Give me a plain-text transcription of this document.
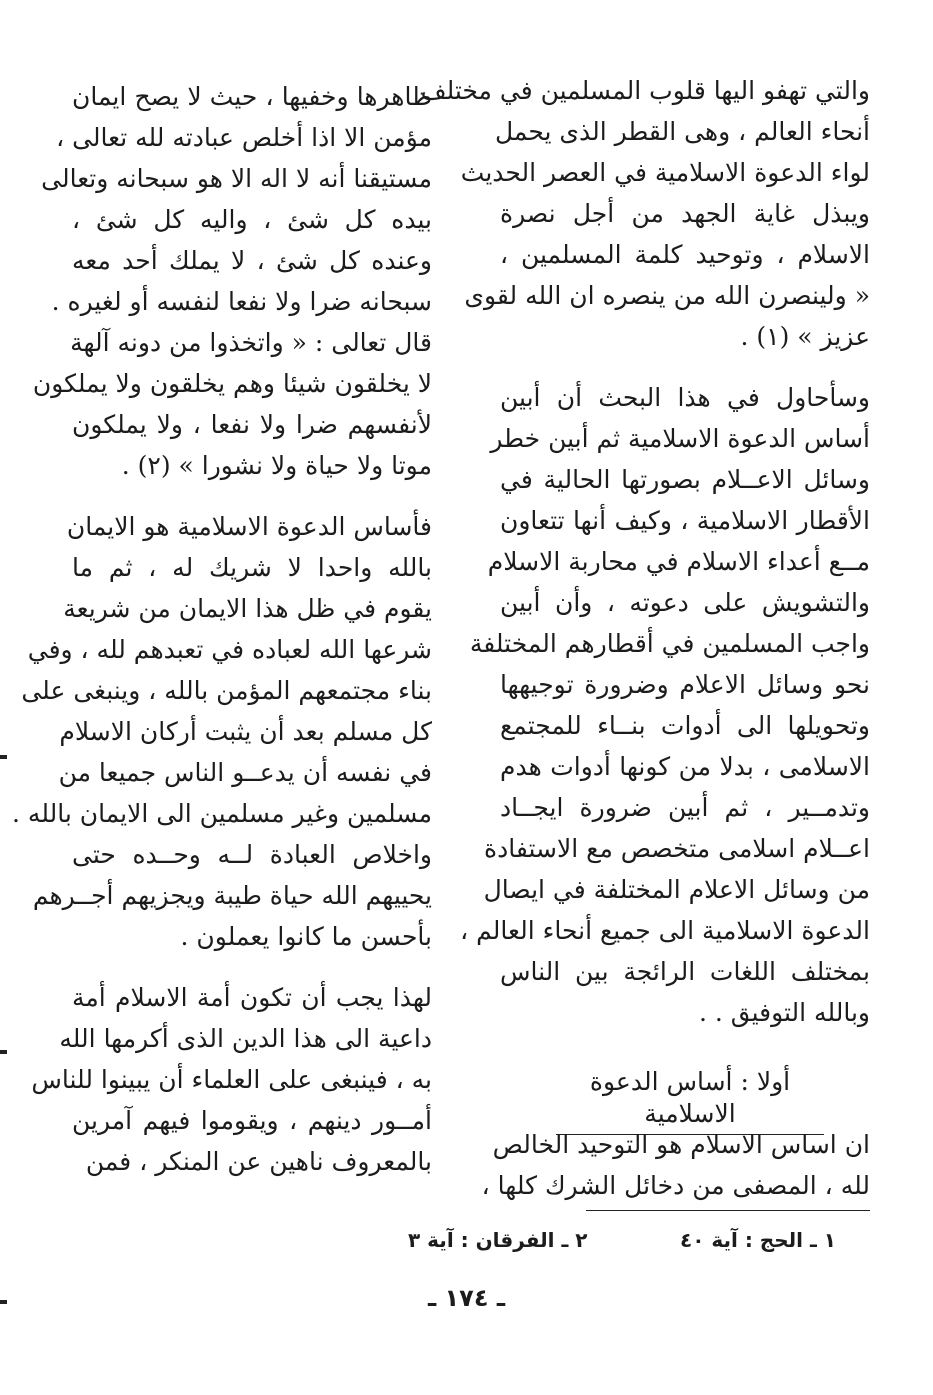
والتي تهفو اليها قلوب المسلمين في مختلف
أنحاء العالم ، وهى القطر الذى يحمل
لواء الدعوة الاسلامية في العصر الحديث
ويبذل غاية الجهد من أجل نصرة
الاسلام ، وتوحيد كلمة المسلمين ،
« ولينصرن الله من ينصره ان الله لقوى
عزيز » (١) .
وسأحاول في هذا البحث أن أبين
أساس الدعوة الاسلامية ثم أبين خطر
وسائل الاعــلام بصورتها الحالية في
الأقطار الاسلامية ، وكيف أنها تتعاون
مــع أعداء الاسلام في محاربة الاسلام
والتشويش على دعوته ، وأن أبين
واجب المسلمين في أقطارهم المختلفة
نحو وسائل الاعلام وضرورة توجيهها
وتحويلها الى أدوات بنــاء للمجتمع
الاسلامى ، بدلا من كونها أدوات هدم
وتدمــير ، ثم أبين ضرورة ايجــاد
اعــلام اسلامى متخصص مع الاستفادة
من وسائل الاعلام المختلفة في ايصال
الدعوة الاسلامية الى جميع أنحاء العالم ،
بمختلف اللغات الرائجة بين الناس
وبالله التوفيق . .
أولا : أساس الدعوة الاسلامية
ان اساس الاسلام هو التوحيد الخالص
لله ، المصفى من دخائل الشرك كلها ،
ظاهرها وخفيها ، حيث لا يصح ايمان
مؤمن الا اذا أخلص عبادته لله تعالى ،
مستيقنا أنه لا اله الا هو سبحانه وتعالى
بيده كل شئ ، واليه كل شئ ،
وعنده كل شئ ، لا يملك أحد معه
سبحانه ضرا ولا نفعا لنفسه أو لغيره .
قال تعالى : « واتخذوا من دونه آلهة
لا يخلقون شيئا وهم يخلقون ولا يملكون
لأنفسهم ضرا ولا نفعا ، ولا يملكون
موتا ولا حياة ولا نشورا » (٢) .
فأساس الدعوة الاسلامية هو الايمان
بالله واحدا لا شريك له ، ثم ما
يقوم في ظل هذا الايمان من شريعة
شرعها الله لعباده في تعبدهم لله ، وفي
بناء مجتمعهم المؤمن بالله ، وينبغى على
كل مسلم بعد أن يثبت أركان الاسلام
في نفسه أن يدعــو الناس جميعا من
مسلمين وغير مسلمين الى الايمان بالله .
واخلاص العبادة لــه وحــده حتى
يحييهم الله حياة طيبة ويجزيهم أجــرهم
بأحسن ما كانوا يعملون .
لهذا يجب أن تكون أمة الاسلام أمة
داعية الى هذا الدين الذى أكرمها الله
به ، فينبغى على العلماء أن يبينوا للناس
أمــور دينهم ، ويقوموا فيهم آمرين
بالمعروف ناهين عن المنكر ، فمن
١ ـ الحج : آية ٤٠
٢ ـ الفرقان : آية ٣
ـ ١٧٤ ـ
